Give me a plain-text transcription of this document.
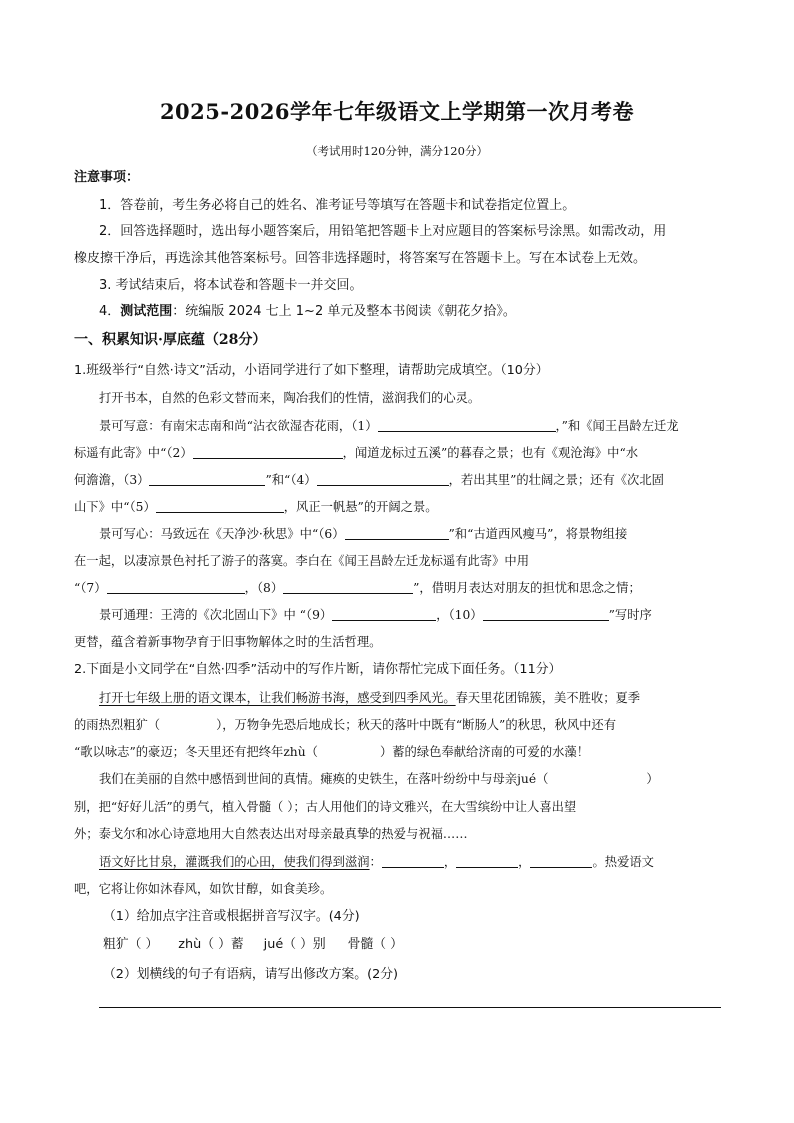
2025-2026学年七年级语文上学期第一次月考卷
（考试用时120分钟，满分120分）
注意事项：
1．答卷前，考生务必将自己的姓名、准考证号等填写在答题卡和试卷指定位置上。
2．回答选择题时，选出每小题答案后，用铅笔把答题卡上对应题目的答案标号涂黑。如需改动，用
橡皮擦干净后，再选涂其他答案标号。回答非选择题时，将答案写在答题卡上。写在本试卷上无效。
3. 考试结束后，将本试卷和答题卡一并交回。
4．测试范围：统编版 2024 七上 1~2 单元及整本书阅读《朝花夕拾》。
一、积累知识·厚底蕴（28分）
1.班级举行“自然·诗文”活动，小语同学进行了如下整理，请帮助完成填空。（10分）
打开书本，自然的色彩文替而来，陶冶我们的性情，滋润我们的心灵。
景可写意：有南宋志南和尚“沾衣欲湿杏花雨，（1）	，”和《闻王昌龄左迁龙
标遥有此寄》中“（2）	，闻道龙标过五溪”的暮春之景；也有《观沧海》中“水
何澹澹，（3）	”和“（4）	，若出其里”的壮阔之景；还有《次北固
山下》中“（5）	，风正一帆悬”的开阔之景。
景可写心：马致远在《天净沙·秋思》中“（6）	”和“古道西风瘦马”，将景物组接
在一起，以凄凉景色衬托了游子的落寞。李白在《闻王昌龄左迁龙标遥有此寄》中用
“（7）	，（8）	”，借明月表达对朋友的担忧和思念之情；
景可通理：王湾的《次北固山下》中 “（9）	，（10）	”写时序
更替，蕴含着新事物孕育于旧事物解体之时的生活哲理。
2.下面是小文同学在“自然·四季”活动中的写作片断，请你帮忙完成下面任务。（11分）
打开七年级上册的语文课本，让我们畅游书海，感受到四季风光。春天里花团锦簇，美不胜收；夏季
的雨热烈粗犷（	），万物争先恐后地成长；秋天的落叶中既有“断肠人”的秋思，秋风中还有
“歌以咏志”的豪迈；冬天里还有把终年zhù（	）蓄的绿色奉献给济南的可爱的水藻！
我们在美丽的自然中感悟到世间的真情。瘫痪的史铁生，在落叶纷纷中与母亲jué（	）
别，把“好好儿活”的勇气，植入骨髓（ ）；古人用他们的诗文雅兴，在大雪缤纷中让人喜出望
外；泰戈尔和冰心诗意地用大自然表达出对母亲最真挚的热爱与祝福……
语文好比甘泉，灌溉我们的心田，使我们得到滋润：	，	，	。热爱语文
吧，它将让你如沐春风，如饮甘醇，如食美珍。
（1）给加点字注音或根据拼音写汉字。(4分)
粗犷（ ） zhù（ ）蓄 jué（ ）别 骨髓（ ）
（2）划横线的句子有语病，请写出修改方案。(2分)
